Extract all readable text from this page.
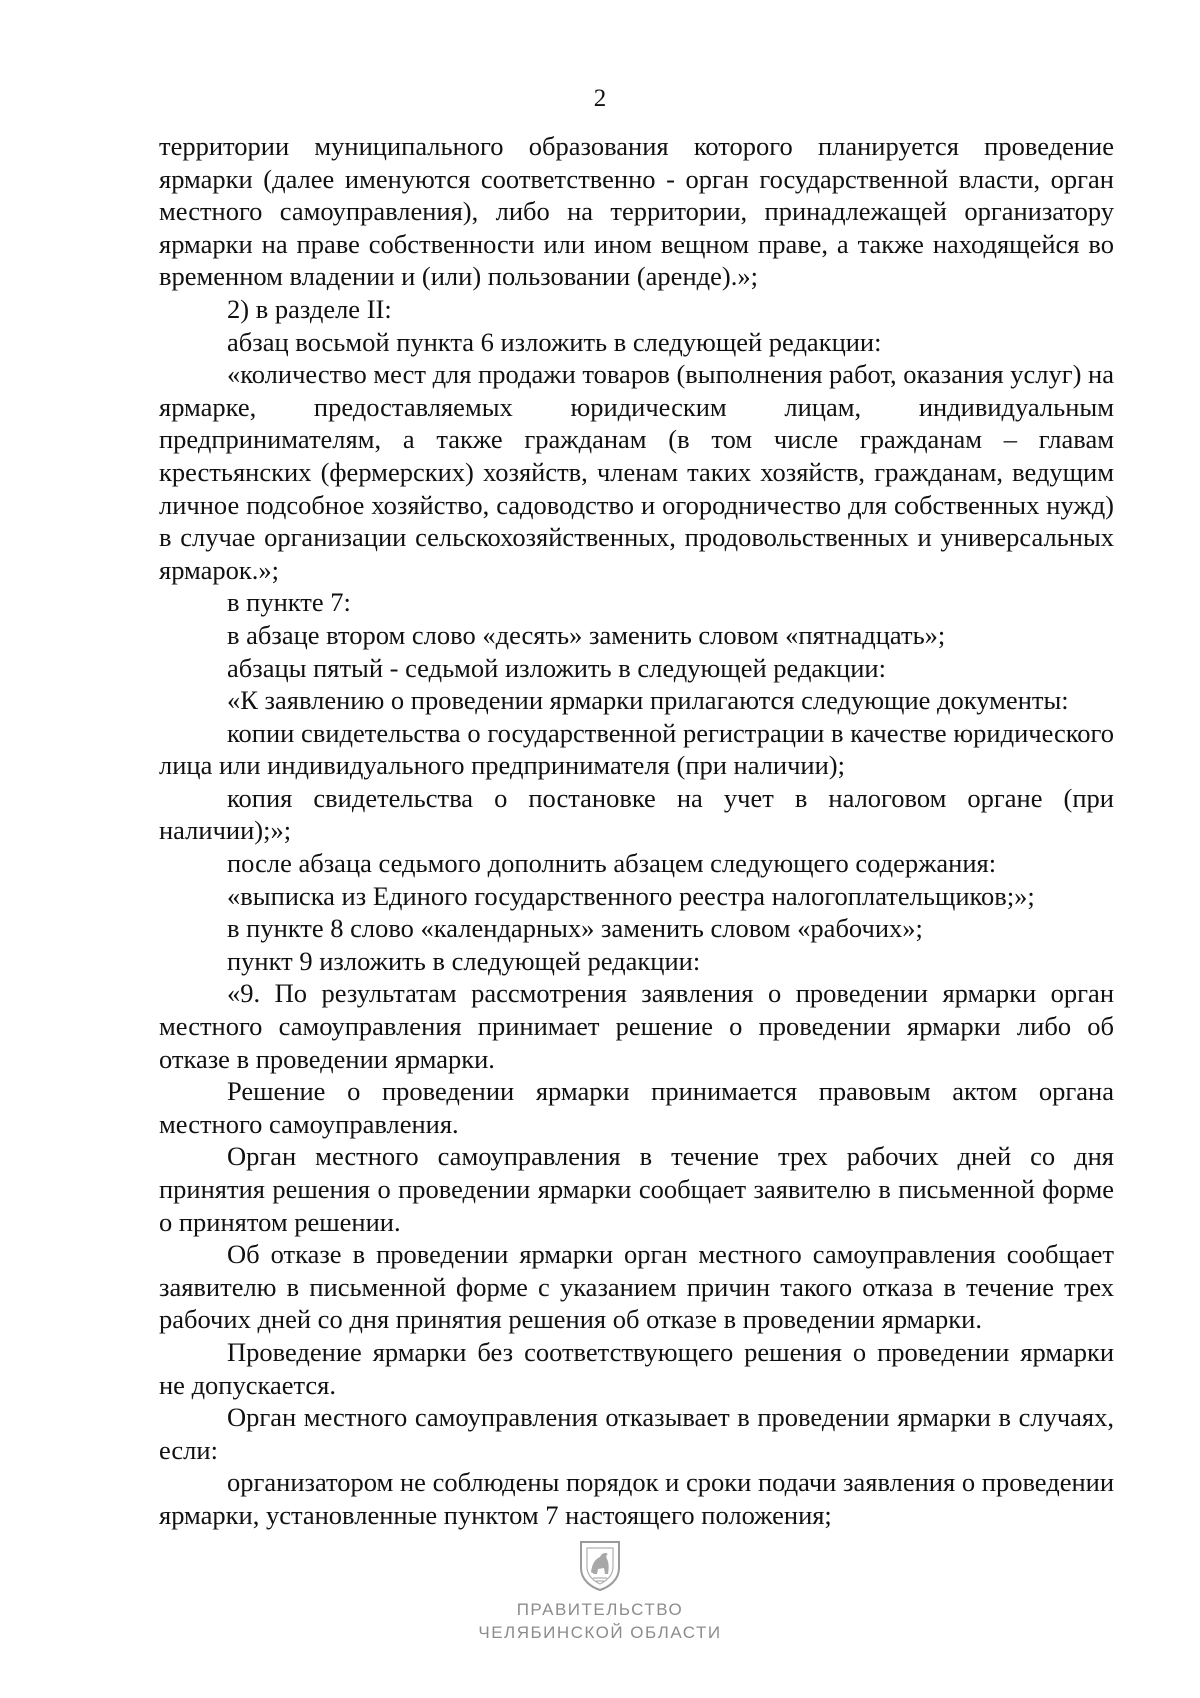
2

территории муниципального образования которого планируется проведение ярмарки (далее именуются соответственно - орган государственной власти, орган местного самоуправления), либо на территории, принадлежащей организатору ярмарки на праве собственности или ином вещном праве, а также находящейся во временном владении и (или) пользовании (аренде).»;

2) в разделе II:

абзац восьмой пункта 6 изложить в следующей редакции:

«количество мест для продажи товаров (выполнения работ, оказания услуг) на ярмарке, предоставляемых юридическим лицам, индивидуальным предпринимателям, а также гражданам (в том числе гражданам – главам крестьянских (фермерских) хозяйств, членам таких хозяйств, гражданам, ведущим личное подсобное хозяйство, садоводство и огородничество для собственных нужд) в случае организации сельскохозяйственных, продовольственных и универсальных ярмарок.»;

в пункте 7:

в абзаце втором слово «десять» заменить словом «пятнадцать»;

абзацы пятый - седьмой изложить в следующей редакции:

«К заявлению о проведении ярмарки прилагаются следующие документы:

копии свидетельства о государственной регистрации в качестве юридического лица или индивидуального предпринимателя (при наличии);

копия свидетельства о постановке на учет в налоговом органе (при наличии);»;

после абзаца седьмого дополнить абзацем следующего содержания:

«выписка из Единого государственного реестра налогоплательщиков;»;

в пункте 8 слово «календарных» заменить словом «рабочих»;

пункт 9 изложить в следующей редакции:

«9. По результатам рассмотрения заявления о проведении ярмарки орган местного самоуправления принимает решение о проведении ярмарки либо об отказе в проведении ярмарки.

Решение о проведении ярмарки принимается правовым актом органа местного самоуправления.

Орган местного самоуправления в течение трех рабочих дней со дня принятия решения о проведении ярмарки сообщает заявителю в письменной форме о принятом решении.

Об отказе в проведении ярмарки орган местного самоуправления сообщает заявителю в письменной форме с указанием причин такого отказа в течение трех рабочих дней со дня принятия решения об отказе в проведении ярмарки.

Проведение ярмарки без соответствующего решения о проведении ярмарки не допускается.

Орган местного самоуправления отказывает в проведении ярмарки в случаях, если:

организатором не соблюдены порядок и сроки подачи заявления о проведении ярмарки, установленные пунктом 7 настоящего положения;

ПРАВИТЕЛЬСТВО
ЧЕЛЯБИНСКОЙ ОБЛАСТИ
